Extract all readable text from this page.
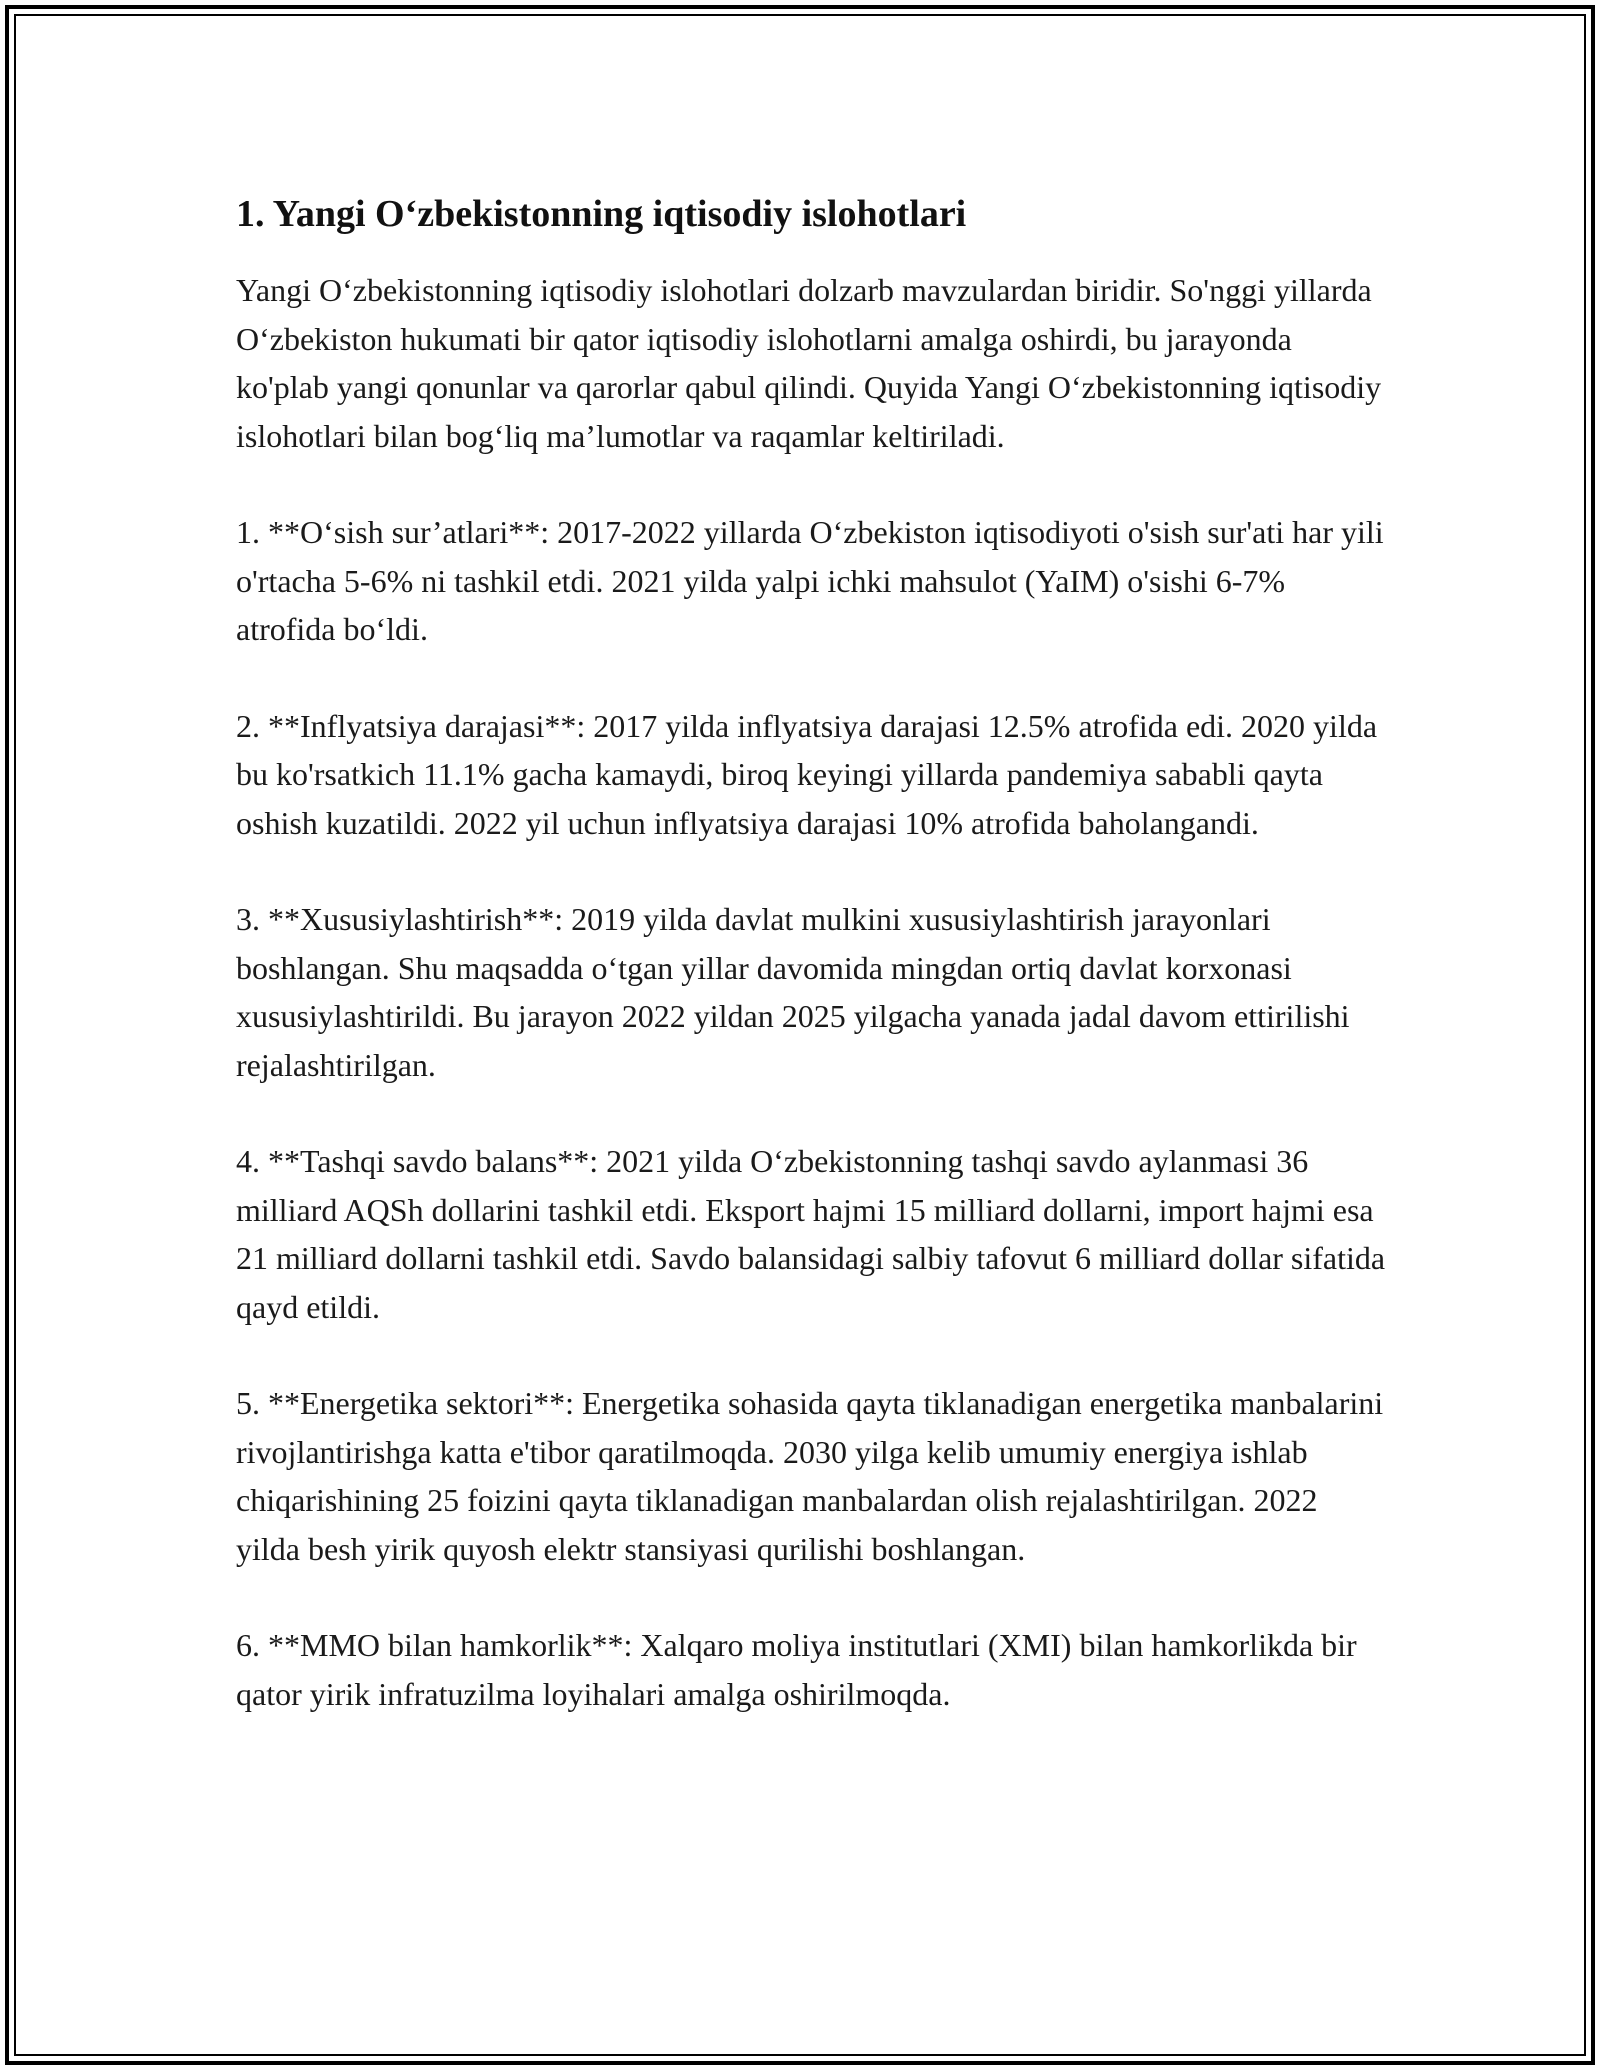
1. Yangi O‘zbekistonning iqtisodiy islohotlari

Yangi O‘zbekistonning iqtisodiy islohotlari dolzarb mavzulardan biridir. So'nggi yillarda O‘zbekiston hukumati bir qator iqtisodiy islohotlarni amalga oshirdi, bu jarayonda ko'plab yangi qonunlar va qarorlar qabul qilindi. Quyida Yangi O‘zbekistonning iqtisodiy islohotlari bilan bog‘liq ma’lumotlar va raqamlar keltiriladi.

1. **O‘sish sur’atlari**: 2017-2022 yillarda O‘zbekiston iqtisodiyoti o'sish sur'ati har yili o'rtacha 5-6% ni tashkil etdi. 2021 yilda yalpi ichki mahsulot (YaIM) o'sishi 6-7% atrofida bo‘ldi.

2. **Inflyatsiya darajasi**: 2017 yilda inflyatsiya darajasi 12.5% atrofida edi. 2020 yilda bu ko'rsatkich 11.1% gacha kamaydi, biroq keyingi yillarda pandemiya sababli qayta oshish kuzatildi. 2022 yil uchun inflyatsiya darajasi 10% atrofida baholangandi.

3. **Xususiylashtirish**: 2019 yilda davlat mulkini xususiylashtirish jarayonlari boshlangan. Shu maqsadda o‘tgan yillar davomida mingdan ortiq davlat korxonasi xususiylashtirildi. Bu jarayon 2022 yildan 2025 yilgacha yanada jadal davom ettirilishi rejalashtirilgan.

4. **Tashqi savdo balans**: 2021 yilda O‘zbekistonning tashqi savdo aylanmasi 36 milliard AQSh dollarini tashkil etdi. Eksport hajmi 15 milliard dollarni, import hajmi esa 21 milliard dollarni tashkil etdi. Savdo balansidagi salbiy tafovut 6 milliard dollar sifatida qayd etildi.

5. **Energetika sektori**: Energetika sohasida qayta tiklanadigan energetika manbalarini rivojlantirishga katta e'tibor qaratilmoqda. 2030 yilga kelib umumiy energiya ishlab chiqarishining 25 foizini qayta tiklanadigan manbalardan olish rejalashtirilgan. 2022 yilda besh yirik quyosh elektr stansiyasi qurilishi boshlangan.

6. **MMO bilan hamkorlik**: Xalqaro moliya institutlari (XMI) bilan hamkorlikda bir qator yirik infratuzilma loyihalari amalga oshirilmoqda.
